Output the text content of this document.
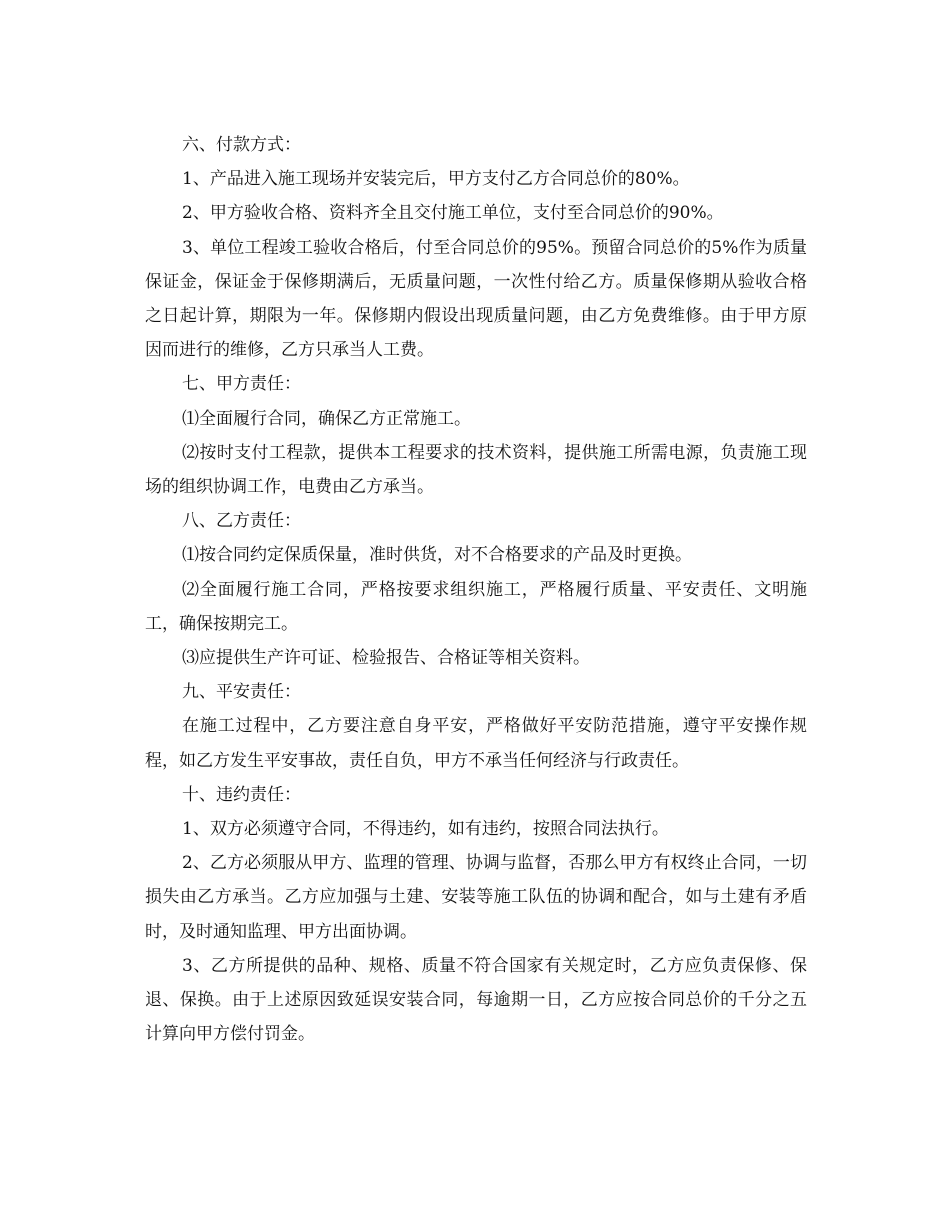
六、付款方式：

1、产品进入施工现场并安装完后，甲方支付乙方合同总价的80%。

2、甲方验收合格、资料齐全且交付施工单位，支付至合同总价的90%。

3、单位工程竣工验收合格后，付至合同总价的95%。预留合同总价的5%作为质量保证金，保证金于保修期满后，无质量问题，一次性付给乙方。质量保修期从验收合格之日起计算，期限为一年。保修期内假设出现质量问题，由乙方免费维修。由于甲方原因而进行的维修，乙方只承当人工费。

七、甲方责任：

⑴全面履行合同，确保乙方正常施工。

⑵按时支付工程款，提供本工程要求的技术资料，提供施工所需电源，负责施工现场的组织协调工作，电费由乙方承当。

八、乙方责任：

⑴按合同约定保质保量，准时供货，对不合格要求的产品及时更换。

⑵全面履行施工合同，严格按要求组织施工，严格履行质量、平安责任、文明施工，确保按期完工。

⑶应提供生产许可证、检验报告、合格证等相关资料。

九、平安责任：

在施工过程中，乙方要注意自身平安，严格做好平安防范措施，遵守平安操作规程，如乙方发生平安事故，责任自负，甲方不承当任何经济与行政责任。

十、违约责任：

1、双方必须遵守合同，不得违约，如有违约，按照合同法执行。

2、乙方必须服从甲方、监理的管理、协调与监督，否那么甲方有权终止合同，一切损失由乙方承当。乙方应加强与土建、安装等施工队伍的协调和配合，如与土建有矛盾时，及时通知监理、甲方出面协调。

3、乙方所提供的品种、规格、质量不符合国家有关规定时，乙方应负责保修、保退、保换。由于上述原因致延误安装合同，每逾期一日，乙方应按合同总价的千分之五计算向甲方偿付罚金。
